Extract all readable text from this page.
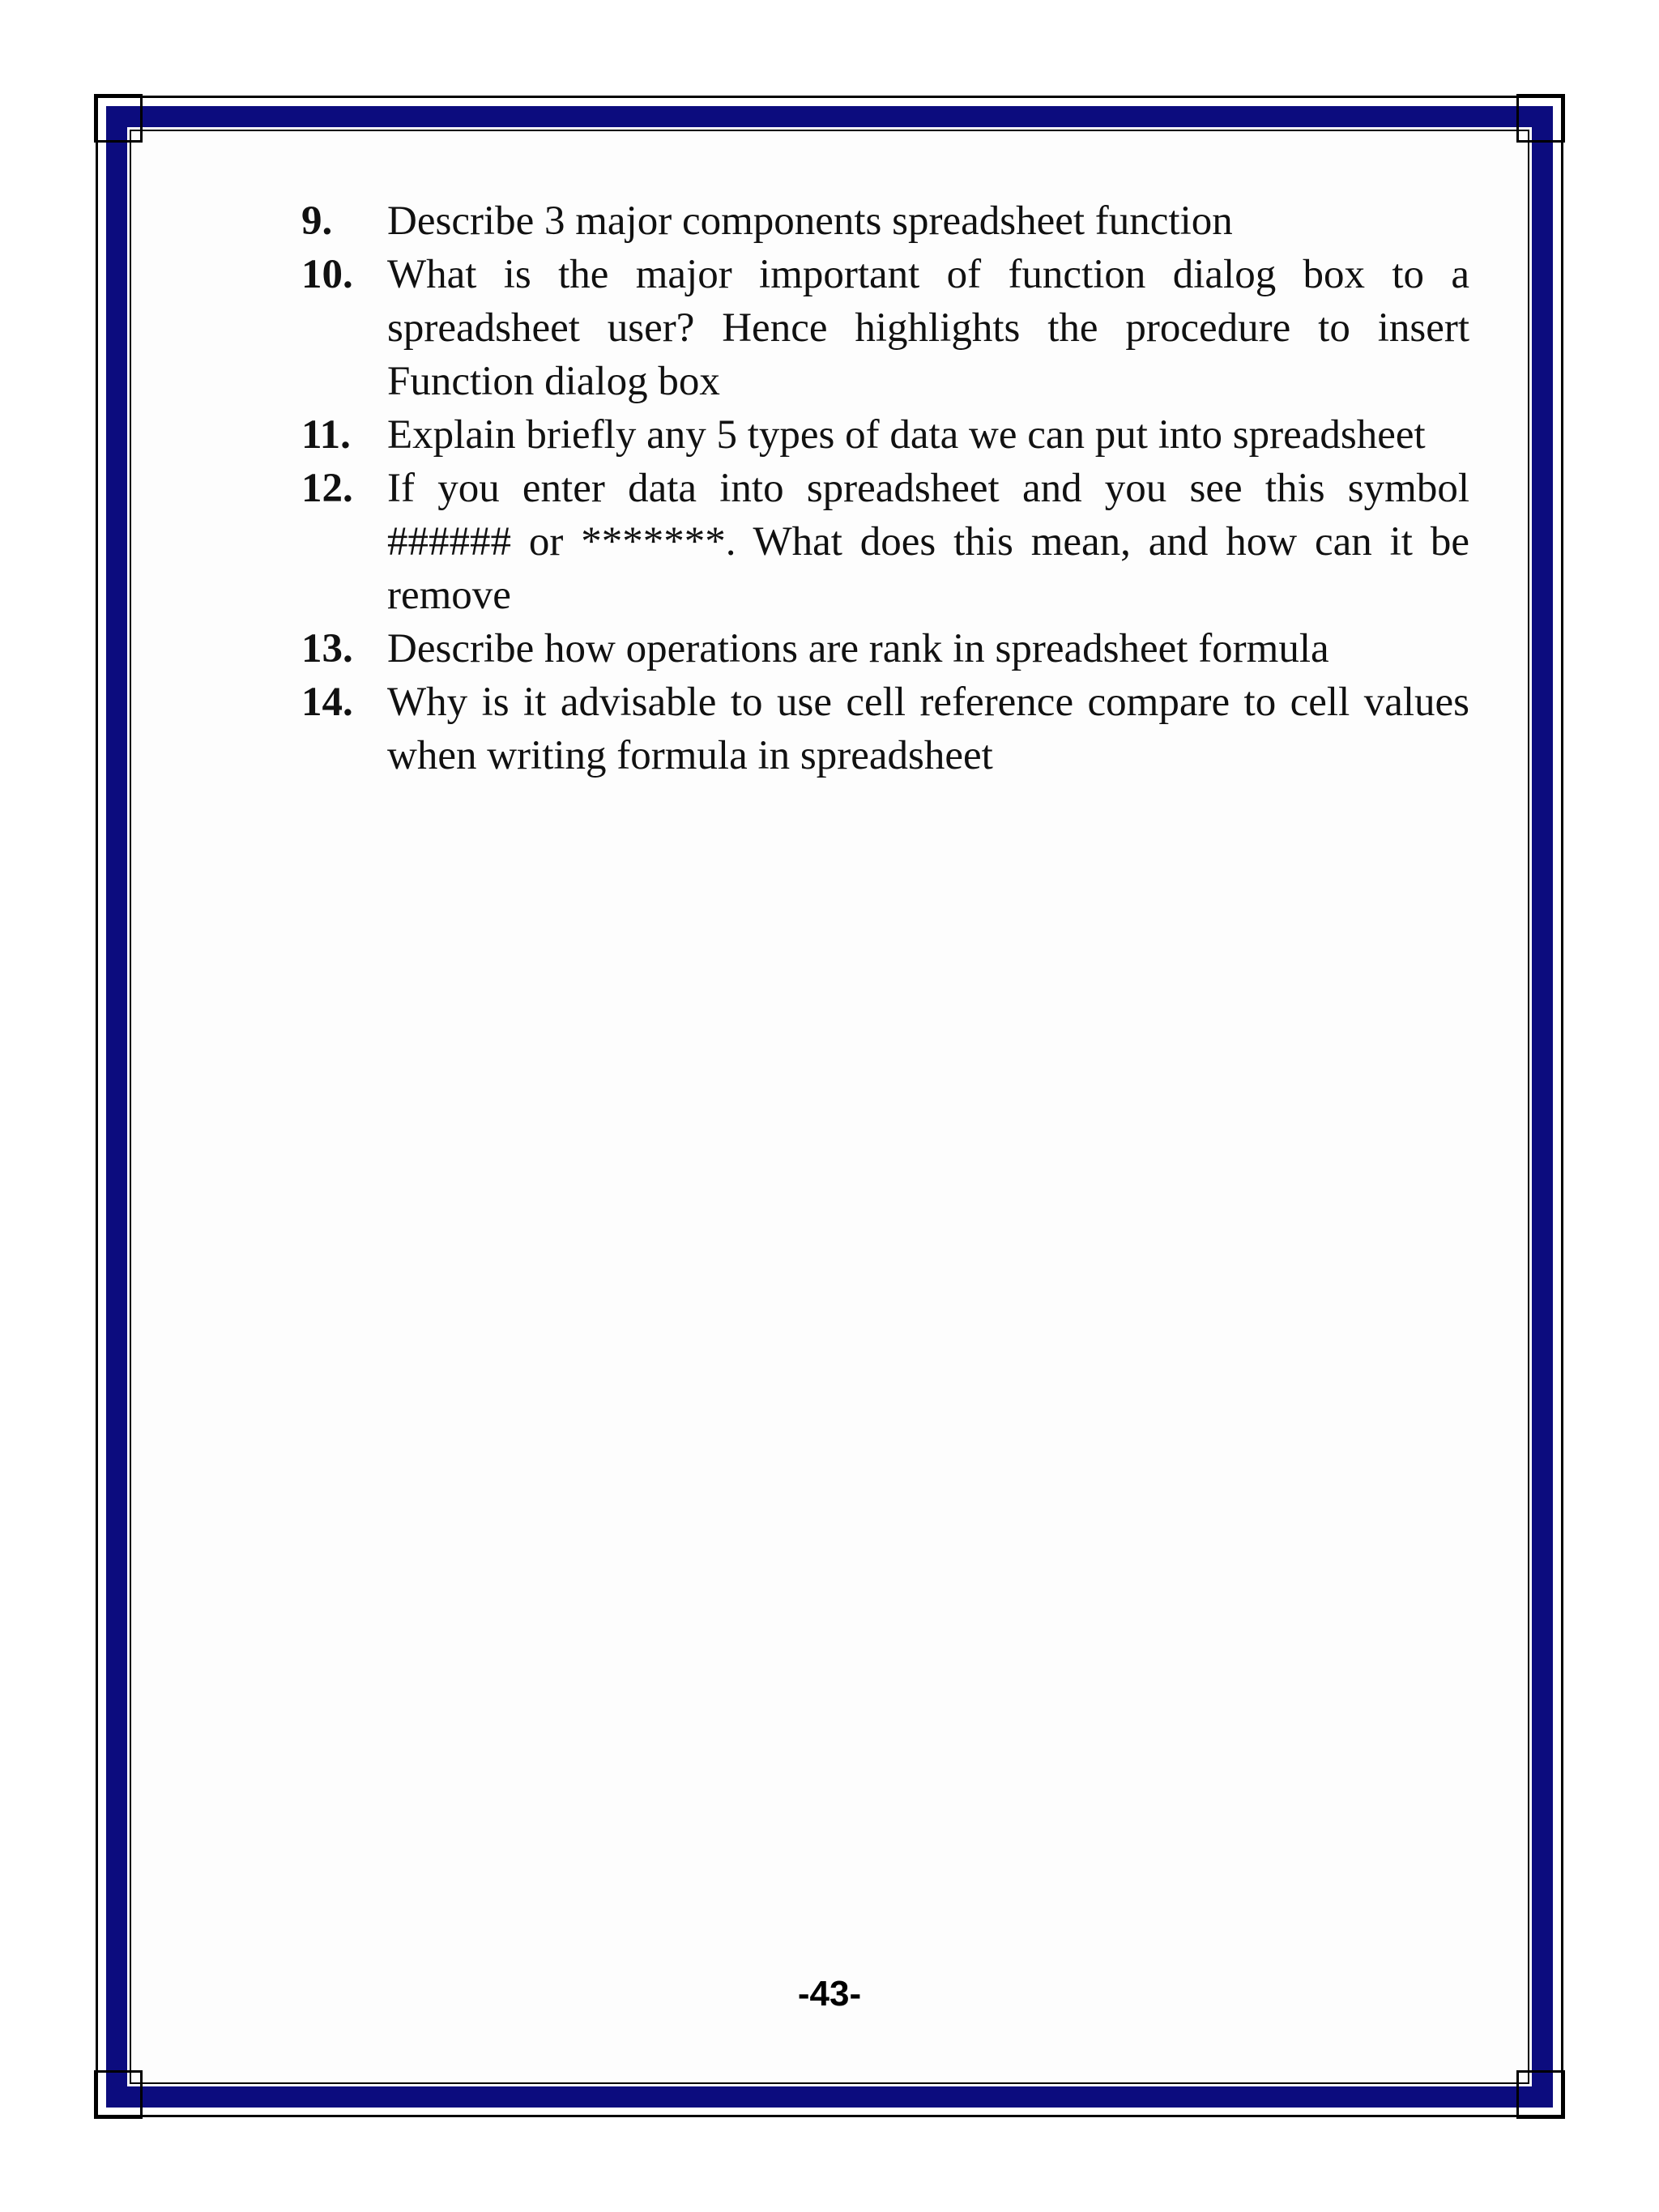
9. Describe 3 major components spreadsheet function
10. What is the major important of function dialog box to a spreadsheet user? Hence highlights the procedure to insert Function dialog box
11. Explain briefly any 5 types of data we can put into spreadsheet
12. If you enter data into spreadsheet and you see this symbol ###### or *******. What does this mean, and how can it be remove
13. Describe how operations are rank in spreadsheet formula
14. Why is it advisable to use cell reference compare to cell values when writing formula in spreadsheet
-43-
